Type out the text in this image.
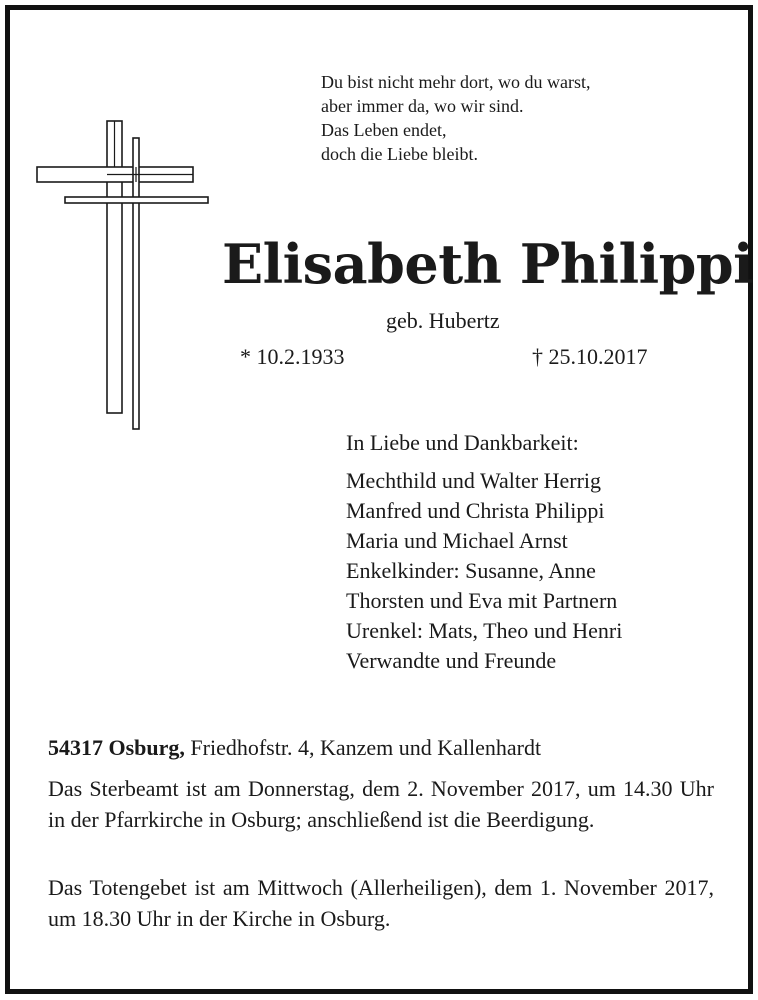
Du bist nicht mehr dort, wo du warst,
aber immer da, wo wir sind.
Das Leben endet,
doch die Liebe bleibt.
Elisabeth Philippi
geb. Hubertz
* 10.2.1933	† 25.10.2017
In Liebe und Dankbarkeit:
Mechthild und Walter Herrig
Manfred und Christa Philippi
Maria und Michael Arnst
Enkelkinder: Susanne, Anne
Thorsten und Eva mit Partnern
Urenkel: Mats, Theo und Henri
Verwandte und Freunde
54317 Osburg, Friedhofstr. 4, Kanzem und Kallenhardt
Das Sterbeamt ist am Donnerstag, dem 2. November 2017, um 14.30 Uhr in der Pfarrkirche in Osburg; anschließend ist die Beerdigung.
Das Totengebet ist am Mittwoch (Allerheiligen), dem 1. November 2017, um 18.30 Uhr in der Kirche in Osburg.
